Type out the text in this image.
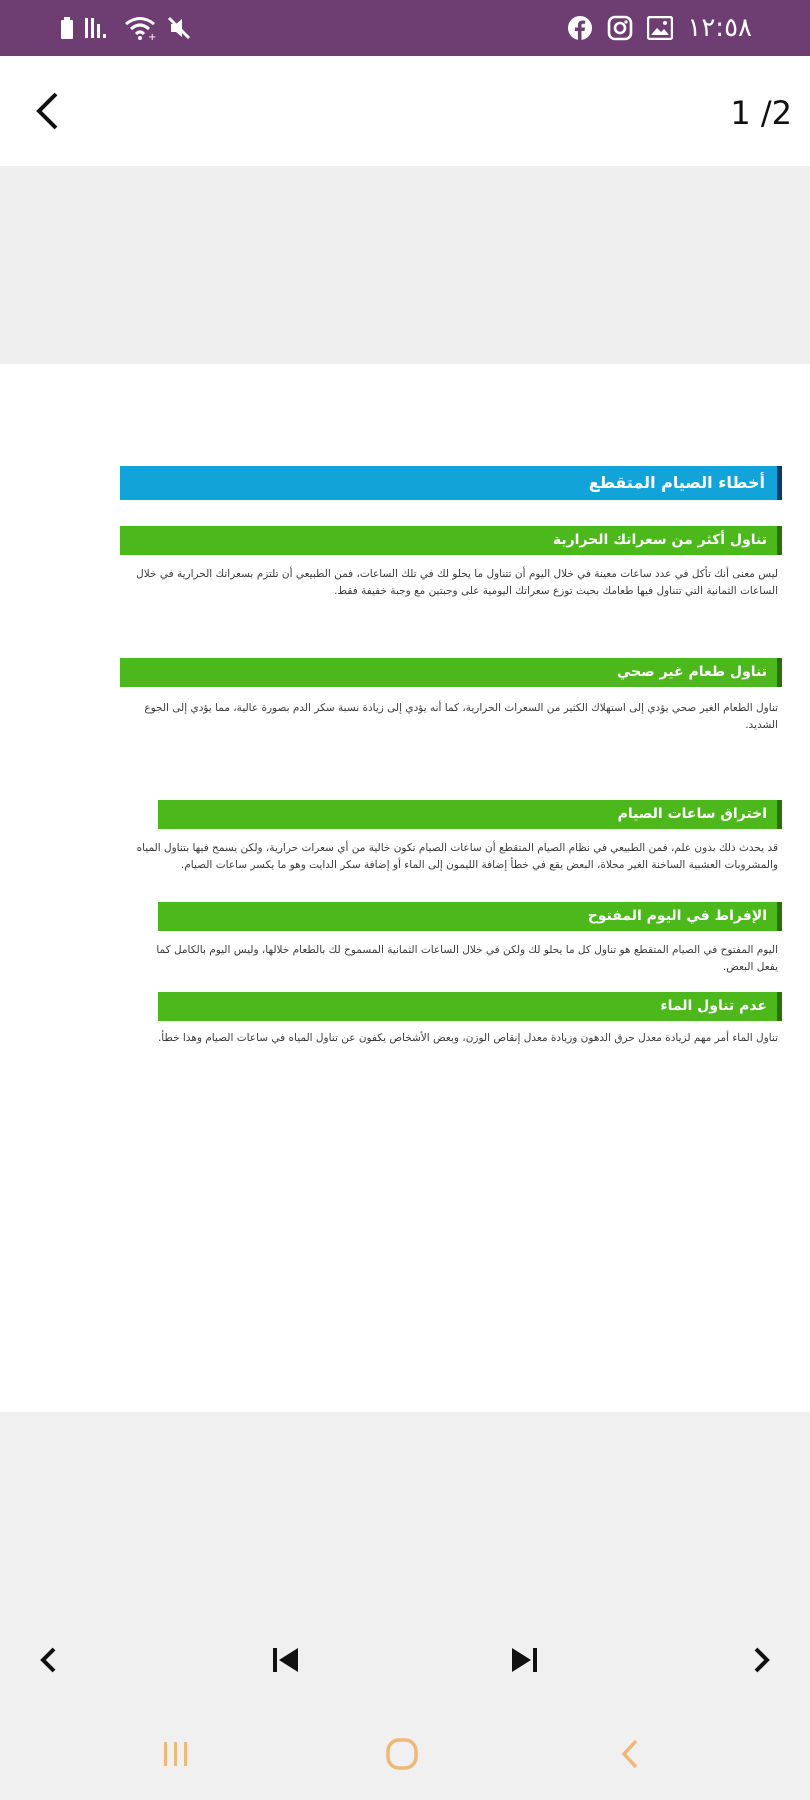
+	١٢:٥٨
1 /2
أخطاء الصيام المتقطع
تناول أكثر من سعراتك الحرارية
ليس معنى أنك تأكل في عدد ساعات معينة في خلال اليوم أن تتناول ما يحلو لك في تلك الساعات، فمن الطبيعي أن تلتزم بسعراتك الحرارية في خلال الساعات الثمانية التي تتناول فيها طعامك بحيث توزع سعراتك اليومية على وجبتين مع وجبة خفيفة فقط.
تناول طعام غير صحي
تناول الطعام الغير صحي يؤدي إلى استهلاك الكثير من السعرات الحرارية، كما أنه يؤدي إلى زيادة نسبة سكر الدم بصورة عالية، مما يؤدي إلى الجوع الشديد.
اختراق ساعات الصيام
قد يحدث ذلك بدون علم، فمن الطبيعي في نظام الصيام المتقطع أن ساعات الصيام تكون خالية من أي سعرات حرارية، ولكن يسمح فيها بتناول المياه والمشروبات العشبية الساخنة الغير محلاة، البعض يقع في خطأ إضافة الليمون إلى الماء أو إضافة سكر الدايت وهو ما يكسر ساعات الصيام.
الإفراط في اليوم المفتوح
اليوم المفتوح في الصيام المتقطع هو تناول كل ما يحلو لك ولكن في خلال الساعات الثمانية المسموح لك بالطعام خلالها، وليس اليوم بالكامل كما يفعل البعض.
عدم تناول الماء
تناول الماء أمر مهم لزيادة معدل حرق الدهون وزيادة معدل إنقاص الوزن، وبعض الأشخاص يكفون عن تناول المياه في ساعات الصيام وهذا خطأ.
